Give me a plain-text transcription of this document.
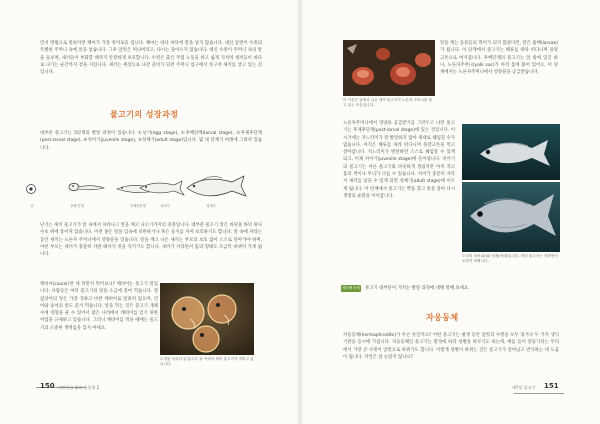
먼저 방법으로 말하자면 해마가 가장 흥미로울 겁니다. 해마는 바다 바닥에 알을 낳지 않습니다. 대신 암컷이 수컷의 특별한 주머니 속에 알을 낳습니다. 그후 암컷은 떠나버리고, 다시는 돌아오지 않습니다. 대신 수컷이 주머니 속의 알을 돌보며, 새끼들이 부화할 때까지 안전하게 보호합니다. 수컷은 출산 무렵 노동을 하고 쉽게 지치며 새끼들이 바다로 나가는 순간까지 곁을 지킵니다. 새끼는 세상으로 나갈 준비가 되면 주머니 입구에서 솟구쳐 새끼를 낳고 있는 것입니다.

물고기의 성장과정

대부분 물고기는 5단계의 발달 과정이 있습니다. ①난기(egg stage), ②후배단계(larval stage), ③후제후단계(post-larval stage), ④치어기(juvenile stage), ⑤성체기(adult stage)입니다. 몇 내 단계가 아래에 그려져 있습니다.

난	후배 단계	후제후단계	치어기	성체기

난기는 새끼 물고기가 알 속에서 자라나고 알을 깨고 나오기까지의 과정입니다. 대부분 물고기 알은 바닷물 바닥 위나 수초 위에 흩어져 있습니다. 어떤 종은 알을 입속에 보관하거나 혹은 둥지를 지어 보호하기도 합니다. 알 속에 자라는 동안 새끼는 노른자 주머니에서 영양분을 얻습니다. 알을 깨고 나온 새끼는 부모의 보호 없이 스스로 살아가야 하며, 어떤 부모는 새끼가 충분히 자랄 때까지 곁을 지키기도 합니다. 새끼가 자라면서 몸의 형태도 조금씩 바뀌어 가게 됩니다.

캐비어(caviar)란 세 뒤먼저 먹어보니? 캐비어는 물고기 알입니다. 사람들은 여러 물고기의 알을 소금에 절여 먹습니다. 철갑상어의 알은 가장 귀하고 비싼 캐비어로 알려져 있으며, 연어와 송어의 알도 즐겨 먹습니다. 알을 먹는 것은 물고기 개체수에 영향을 줄 수 있어서 많은 나라에서 캐비어를 얻기 위한 어업을 규제하고 있습니다. 그러니 캐비어를 먹을 때에는 물고기의 소중한 생명임을 잊지 마세요.

수정된 어류의 알입니다. 알 속에서 새끼 물고기가 자라고 있습니다.

150 어린이를 위한 동물학 2

이 사진은 알에서 나온 새끼 물고기가 노른자 주머니를 달고 있는 모습입니다.

알을 깨는 동물들의 먹이가 되지 않았다면, 알은 흉배(larvae)가 됩니다. 이 단계에서 물고기는 해류를 따라 떠다니며 플랑크톤으로 여겨집니다. 후배단계의 물고기는 알 밖에 있긴 하나, 노른자주머니(yolk sac)가 아직 몸에 붙어 있어요. 이 단계에서는 노른자주머니에서 영양분을 공급받습니다.

노른자주머니에서 영양을 공급받기를 그만두고 나면 물고기는 후제후단계(post-larval stage)에 있는 것입니다. 이 시기에는 지느러미가 잘 발달하지 않아 제대로 헤엄칠 수가 없습니다. 아직은 해류를 따라 떠다니며 플랑크톤을 먹고 살아갑니다. 지느러미가 발달하면 스스로 헤엄칠 수 있게 되고, 이제 치어기(juvenile stage)에 들어섭니다. 치어기의 물고기는 어른 물고기와 비슷하게 생겼지만 아직 작고 몸의 색이나 무늬가 다를 수 있습니다. 치어가 충분히 자라서 새끼를 낳을 수 있게 되면 성체기(adult stage)에 이르게 됩니다. 이 단계에서 물고기는 짝을 찾고 알을 낳아 다시 생명의 순환을 이어갑니다.

도미의 치어(위)와 성체(아래)입니다. 어린 물고기는 자라면서 모습이 바뀝니다.

생각해 보세요
물고기 대부분이 거치는 발달 과정에 대해 말해 보세요.
자웅동체

자웅동체(hermaphrodite)가 무슨 뜻일까요? 어떤 물고기는 평생 동안 암컷과 수컷을 모두 겪거나 두 가지 생식기관을 동시에 가집니다. 자웅동체인 물고기는 환경에 따라 성별을 바꾸기도 하는데, 예를 들어 흰동가리는 무리에서 가장 큰 수컷이 암컷으로 바뀌기도 합니다. 이렇게 성별이 바뀌는 것은 물고기가 살아남고 번식하는 데 도움이 됩니다. 자연은 참 놀랍지 않나요?

제7장 물고기 151
